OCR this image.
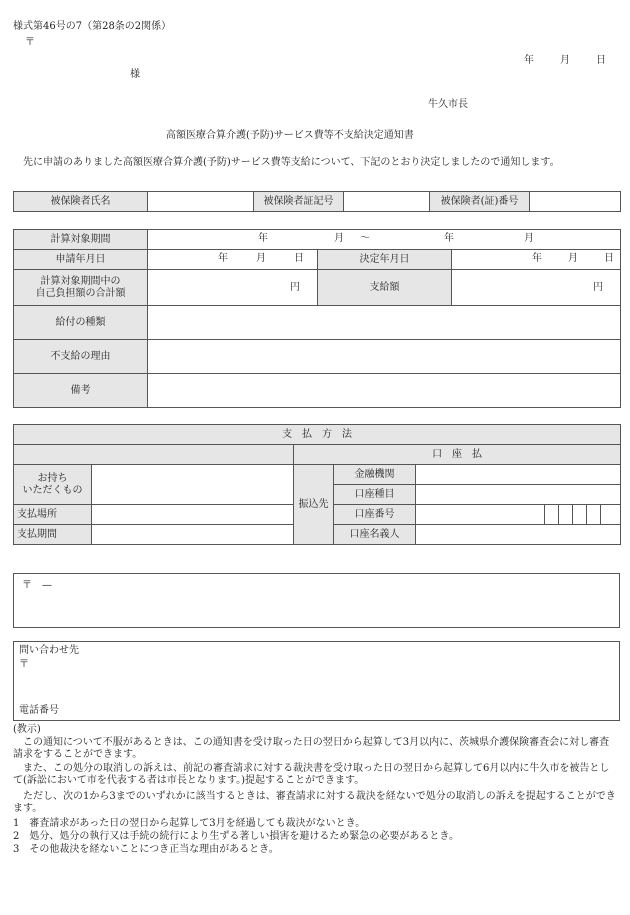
様式第46号の7（第28条の2関係）
〒
年	月	日
様
牛久市長
高額医療合算介護(予防)サービス費等不支給決定通知書
　先に申請のありました高額医療合算介護(予防)サービス費等支給について、下記のとおり決定しましたので通知します。
被保険者氏名		被保険者証記号		被保険者(証)番号	
計算対象期間	年 月 ～ 年 月		

申請年月日	年 月 日	決定年月日	年 月 日

計算対象期間中の
自己負担額の合計額	円	支給額	円
給付の種類			
不支給の理由			
備考			
支　払　方　法									
		口　座　払							

お持ち
いただくもの		振込先	金融機関						
			口座種目						
支払場所			口座番号						
支払期間			口座名義人						
〒　—
問い合わせ先
〒
電話番号
(教示)
　この通知について不服があるときは、この通知書を受け取った日の翌日から起算して3月以内に、茨城県介護保険審査会に対し審査請求をすることができます。
　また、この処分の取消しの訴えは、前記の審査請求に対する裁決書を受け取った日の翌日から起算して6月以内に牛久市を被告として(訴訟において市を代表する者は市長となります。)提起することができます。
　ただし、次の1から3までのいずれかに該当するときは、審査請求に対する裁決を経ないで処分の取消しの訴えを提起することができます。
1　審査請求があった日の翌日から起算して3月を経過しても裁決がないとき。
2　処分、処分の執行又は手続の続行により生ずる著しい損害を避けるため緊急の必要があるとき。
3　その他裁決を経ないことにつき正当な理由があるとき。
